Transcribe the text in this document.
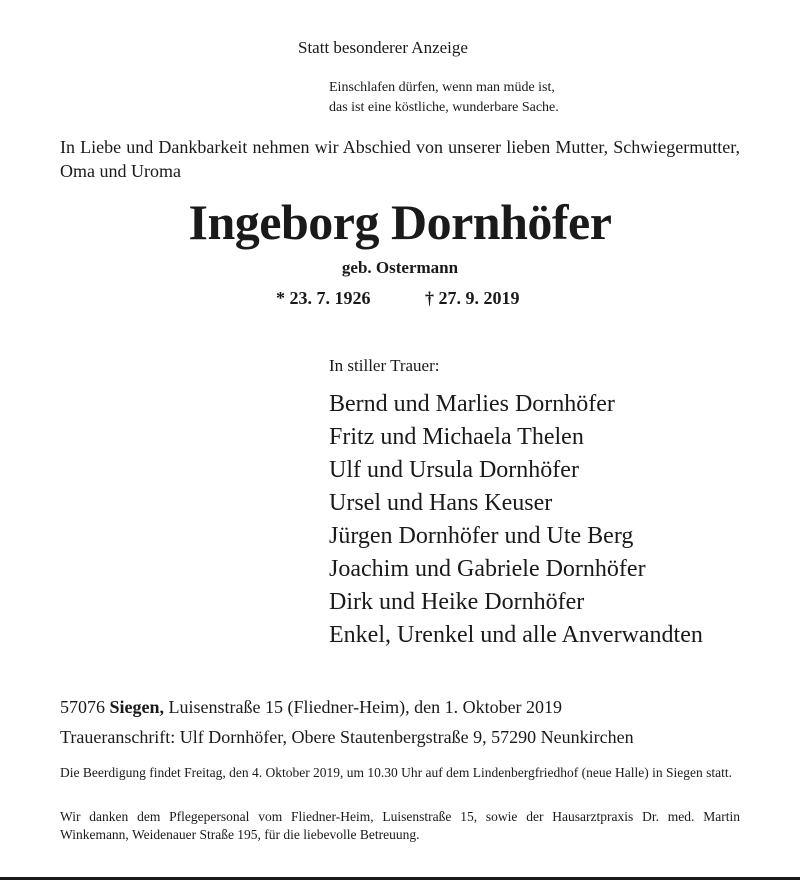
Statt besonderer Anzeige
Einschlafen dürfen, wenn man müde ist,
das ist eine köstliche, wunderbare Sache.
In Liebe und Dankbarkeit nehmen wir Abschied von unserer lieben Mutter, Schwiegermutter, Oma und Uroma
Ingeborg Dornhöfer
geb. Ostermann
* 23. 7. 1926	† 27. 9. 2019
In stiller Trauer:
Bernd und Marlies Dornhöfer
Fritz und Michaela Thelen
Ulf und Ursula Dornhöfer
Ursel und Hans Keuser
Jürgen Dornhöfer und Ute Berg
Joachim und Gabriele Dornhöfer
Dirk und Heike Dornhöfer
Enkel, Urenkel und alle Anverwandten
57076 Siegen, Luisenstraße 15 (Fliedner-Heim), den 1. Oktober 2019
Traueranschrift: Ulf Dornhöfer, Obere Stautenbergstraße 9, 57290 Neunkirchen
Die Beerdigung findet Freitag, den 4. Oktober 2019, um 10.30 Uhr auf dem Lindenbergfriedhof (neue Halle) in Siegen statt.
Wir danken dem Pflegepersonal vom Fliedner-Heim, Luisenstraße 15, sowie der Hausarztpraxis Dr. med. Martin Winkemann, Weidenauer Straße 195, für die liebevolle Betreuung.
